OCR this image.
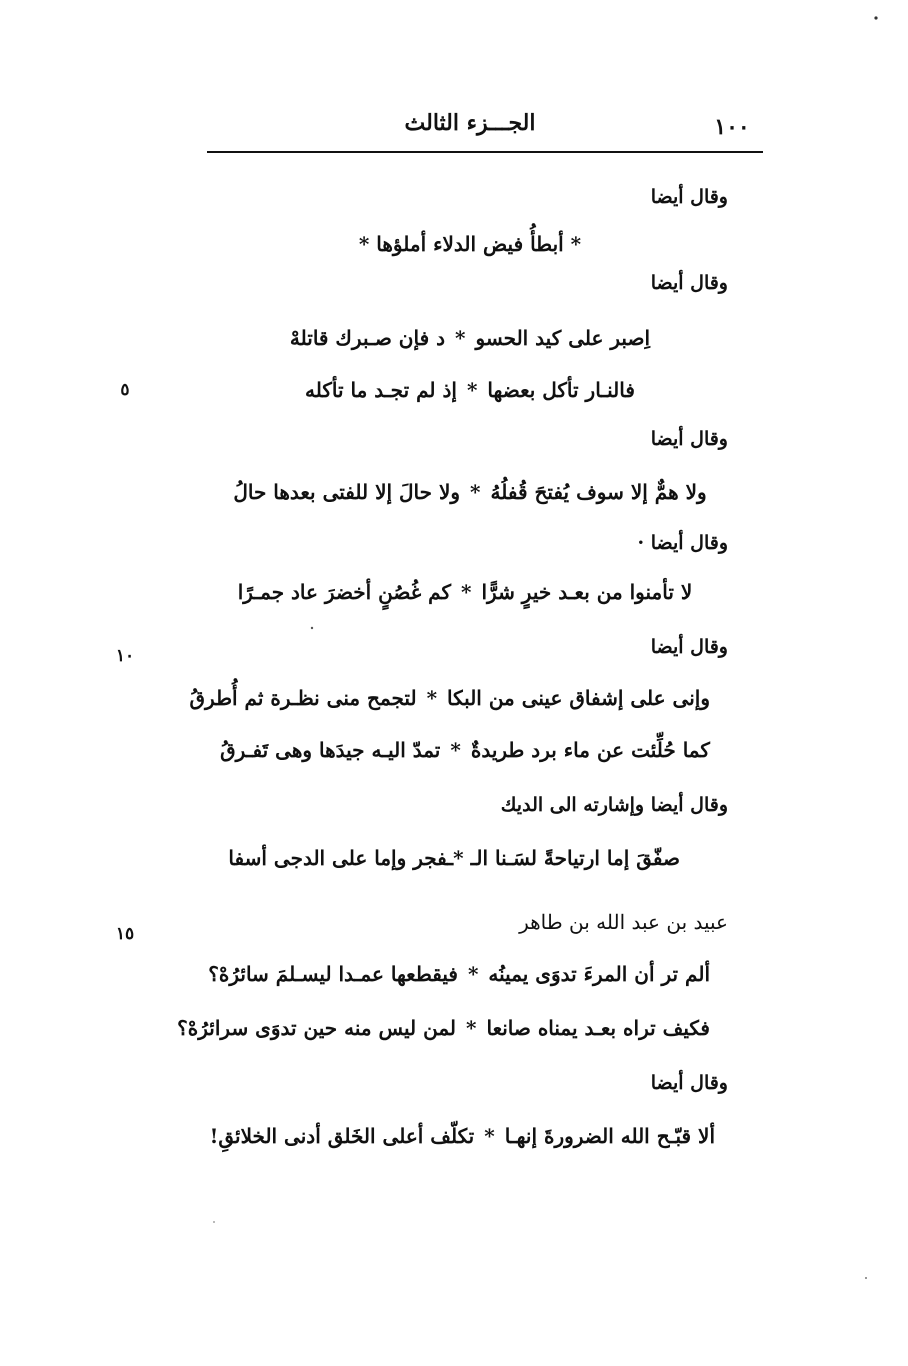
الجـــزء الثالث	١٠٠
وقال أيضا
* أبطأُ فيض الدلاء أملؤها *
وقال أيضا
اِصبر على كيد الحسو*د فإن صـبرك قاتلهْ
فالنـار تأكل بعضها*إذ لم تجـد ما تأكله
٥
وقال أيضا
ولا همٌّ إلا سوف يُفتحَ قُفلُهُ*ولا حالَ إلا للفتى بعدها حالُ
وقال أيضا ·
لا تأمنوا من بعـد خيرٍ شرًّا*كم غُصُنٍ أخضرَ عاد جمـرًا
وقال أيضا
١٠
وإنى على إشفاق عينى من البكا*لتجمح منى نظـرة ثم أُطرقُ
كما حُلِّئت عن ماء برد طريدةٌ*تمدّ اليـه جيدَها وهى تَفـرقُ
وقال أيضا وإشارته الى الديك
صفّقَ إما ارتياحةً لسَـنا الـ *ـفجر وإما على الدجى أسفا
عبيد بن عبد الله بن طاهر
١٥
ألم تر أن المرءَ تدوَى يمينُه*فيقطعها عمـدا ليسـلمَ سائرُهْ؟
فكيف تراه بعـد يمناه صانعا*لمن ليس منه حين تدوَى سرائرُهْ؟
وقال أيضا
ألا قبّـح الله الضرورةَ إنهـا*تكلّف أعلى الخَلق أدنى الخلائقِ!
